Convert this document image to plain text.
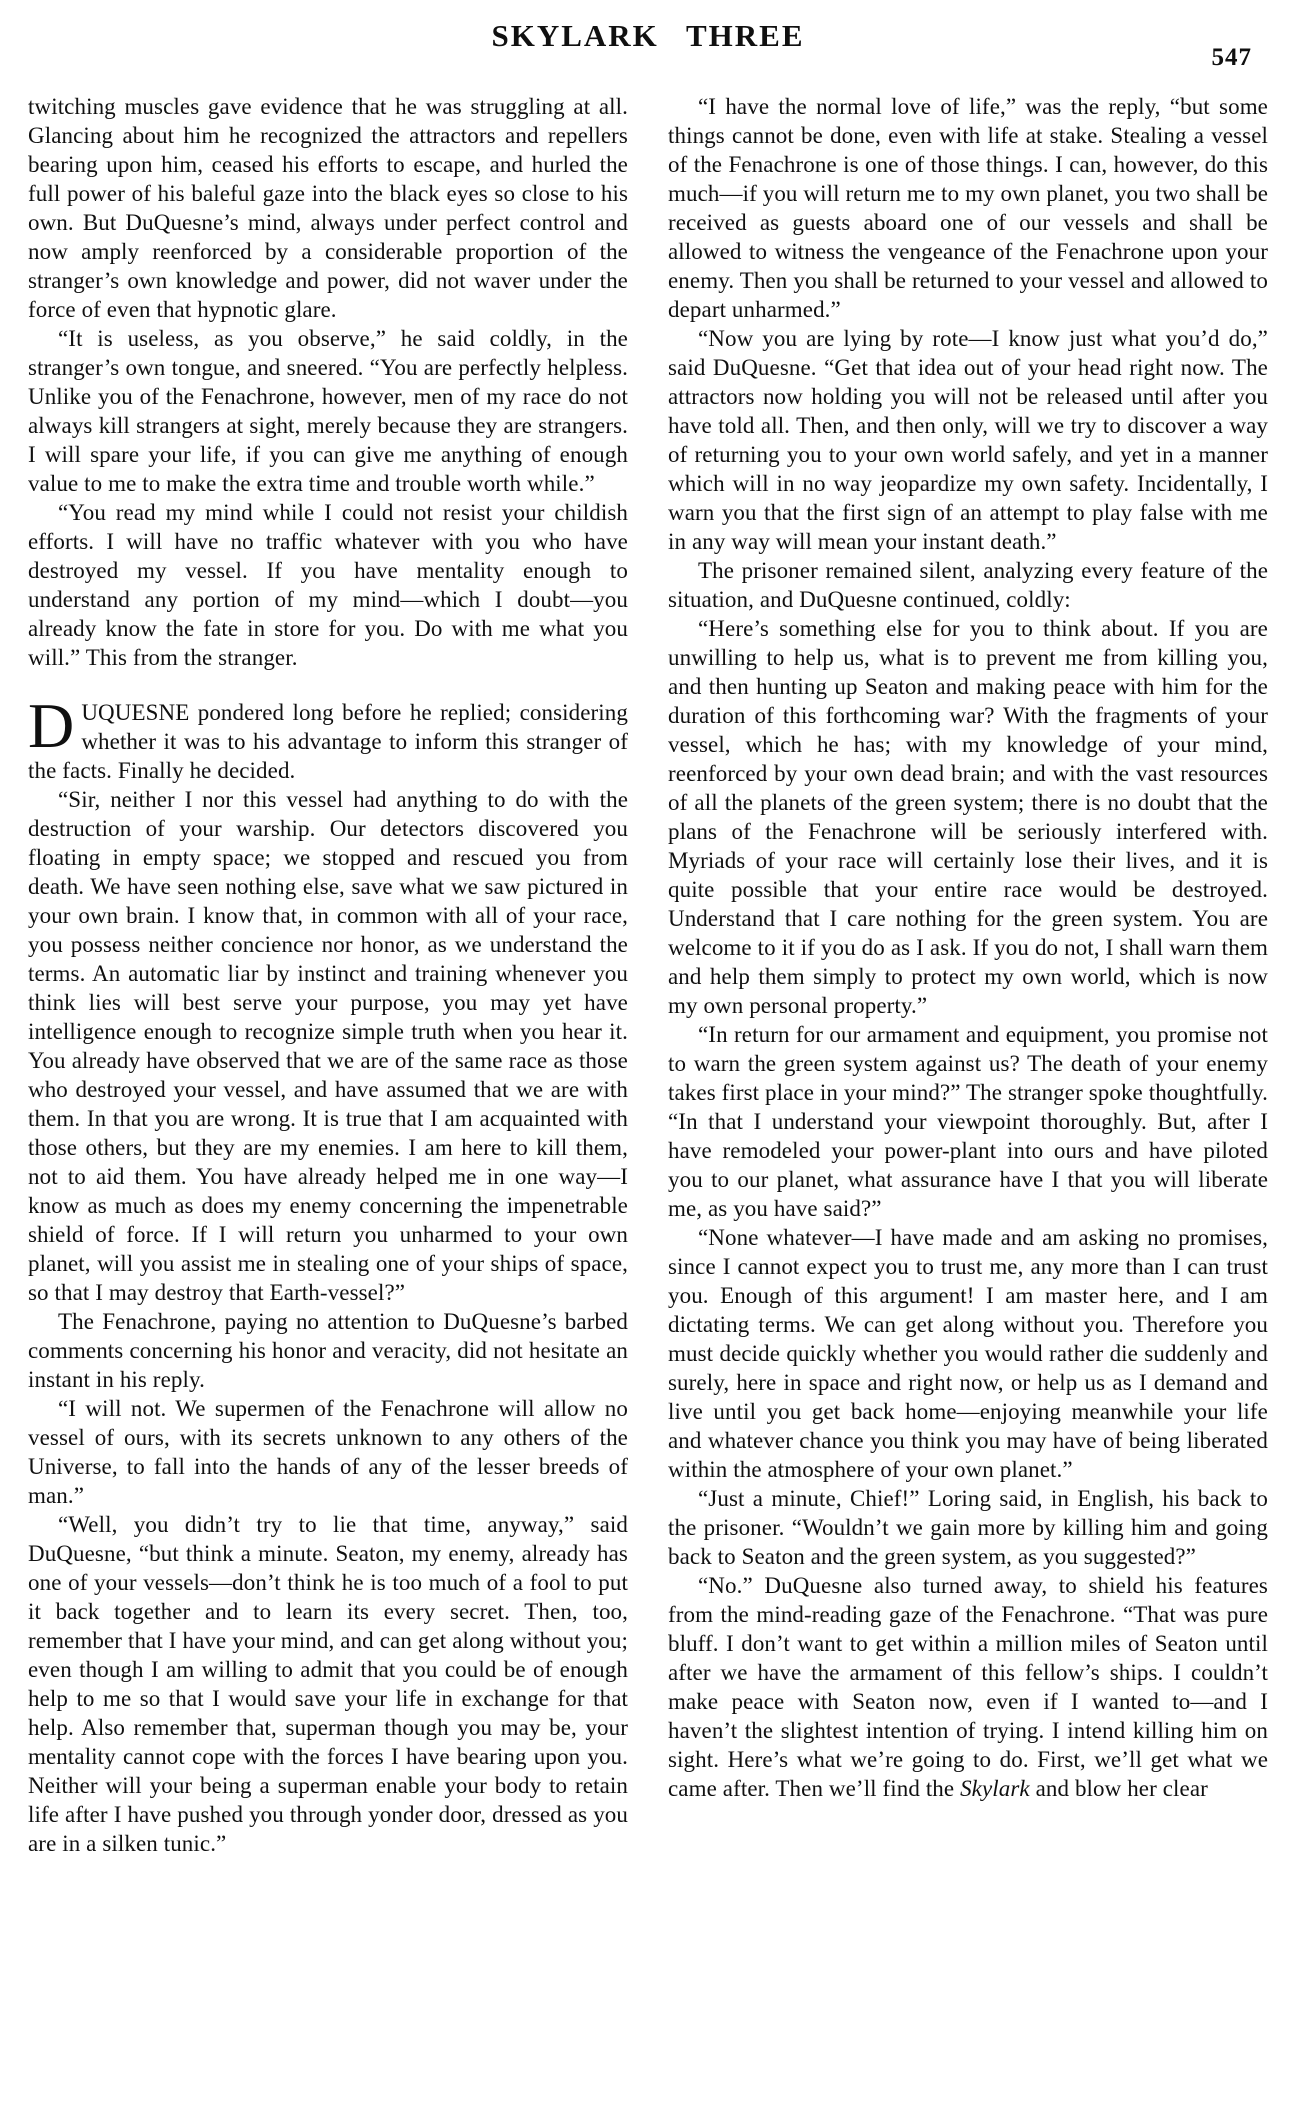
SKYLARK THREE
547

twitching muscles gave evidence that he was struggling at all. Glancing about him he recognized the attractors and repellers bearing upon him, ceased his efforts to escape, and hurled the full power of his baleful gaze into the black eyes so close to his own. But DuQuesne’s mind, always under perfect control and now amply reenforced by a considerable proportion of the stranger’s own knowledge and power, did not waver under the force of even that hypnotic glare.

“It is useless, as you observe,” he said coldly, in the stranger’s own tongue, and sneered. “You are perfectly helpless. Unlike you of the Fenachrone, however, men of my race do not always kill strangers at sight, merely because they are strangers. I will spare your life, if you can give me anything of enough value to me to make the extra time and trouble worth while.”

“You read my mind while I could not resist your childish efforts. I will have no traffic whatever with you who have destroyed my vessel. If you have mentality enough to understand any portion of my mind—which I doubt—you already know the fate in store for you. Do with me what you will.” This from the stranger.

DUQUESNE pondered long before he replied; considering whether it was to his advantage to inform this stranger of the facts. Finally he decided.

“Sir, neither I nor this vessel had anything to do with the destruction of your warship. Our detectors discovered you floating in empty space; we stopped and rescued you from death. We have seen nothing else, save what we saw pictured in your own brain. I know that, in common with all of your race, you possess neither concience nor honor, as we understand the terms. An automatic liar by instinct and training whenever you think lies will best serve your purpose, you may yet have intelligence enough to recognize simple truth when you hear it. You already have observed that we are of the same race as those who destroyed your vessel, and have assumed that we are with them. In that you are wrong. It is true that I am acquainted with those others, but they are my enemies. I am here to kill them, not to aid them. You have already helped me in one way—I know as much as does my enemy concerning the impenetrable shield of force. If I will return you unharmed to your own planet, will you assist me in stealing one of your ships of space, so that I may destroy that Earth-vessel?”

The Fenachrone, paying no attention to DuQuesne’s barbed comments concerning his honor and veracity, did not hesitate an instant in his reply.

“I will not. We supermen of the Fenachrone will allow no vessel of ours, with its secrets unknown to any others of the Universe, to fall into the hands of any of the lesser breeds of man.”

“Well, you didn’t try to lie that time, anyway,” said DuQuesne, “but think a minute. Seaton, my enemy, already has one of your vessels—don’t think he is too much of a fool to put it back together and to learn its every secret. Then, too, remember that I have your mind, and can get along without you; even though I am willing to admit that you could be of enough help to me so that I would save your life in exchange for that help. Also remember that, superman though you may be, your mentality cannot cope with the forces I have bearing upon you. Neither will your being a superman enable your body to retain life after I have pushed you through yonder door, dressed as you are in a silken tunic.”

“I have the normal love of life,” was the reply, “but some things cannot be done, even with life at stake. Stealing a vessel of the Fenachrone is one of those things. I can, however, do this much—if you will return me to my own planet, you two shall be received as guests aboard one of our vessels and shall be allowed to witness the vengeance of the Fenachrone upon your enemy. Then you shall be returned to your vessel and allowed to depart unharmed.”

“Now you are lying by rote—I know just what you’d do,” said DuQuesne. “Get that idea out of your head right now. The attractors now holding you will not be released until after you have told all. Then, and then only, will we try to discover a way of returning you to your own world safely, and yet in a manner which will in no way jeopardize my own safety. Incidentally, I warn you that the first sign of an attempt to play false with me in any way will mean your instant death.”

The prisoner remained silent, analyzing every feature of the situation, and DuQuesne continued, coldly:

“Here’s something else for you to think about. If you are unwilling to help us, what is to prevent me from killing you, and then hunting up Seaton and making peace with him for the duration of this forthcoming war? With the fragments of your vessel, which he has; with my knowledge of your mind, reenforced by your own dead brain; and with the vast resources of all the planets of the green system; there is no doubt that the plans of the Fenachrone will be seriously interfered with. Myriads of your race will certainly lose their lives, and it is quite possible that your entire race would be destroyed. Understand that I care nothing for the green system. You are welcome to it if you do as I ask. If you do not, I shall warn them and help them simply to protect my own world, which is now my own personal property.”

“In return for our armament and equipment, you promise not to warn the green system against us? The death of your enemy takes first place in your mind?” The stranger spoke thoughtfully. “In that I understand your viewpoint thoroughly. But, after I have remodeled your power-plant into ours and have piloted you to our planet, what assurance have I that you will liberate me, as you have said?”

“None whatever—I have made and am asking no promises, since I cannot expect you to trust me, any more than I can trust you. Enough of this argument! I am master here, and I am dictating terms. We can get along without you. Therefore you must decide quickly whether you would rather die suddenly and surely, here in space and right now, or help us as I demand and live until you get back home—enjoying meanwhile your life and whatever chance you think you may have of being liberated within the atmosphere of your own planet.”

“Just a minute, Chief!” Loring said, in English, his back to the prisoner. “Wouldn’t we gain more by killing him and going back to Seaton and the green system, as you suggested?”

“No.” DuQuesne also turned away, to shield his features from the mind-reading gaze of the Fenachrone. “That was pure bluff. I don’t want to get within a million miles of Seaton until after we have the armament of this fellow’s ships. I couldn’t make peace with Seaton now, even if I wanted to—and I haven’t the slightest intention of trying. I intend killing him on sight. Here’s what we’re going to do. First, we’ll get what we came after. Then we’ll find the Skylark and blow her clear
